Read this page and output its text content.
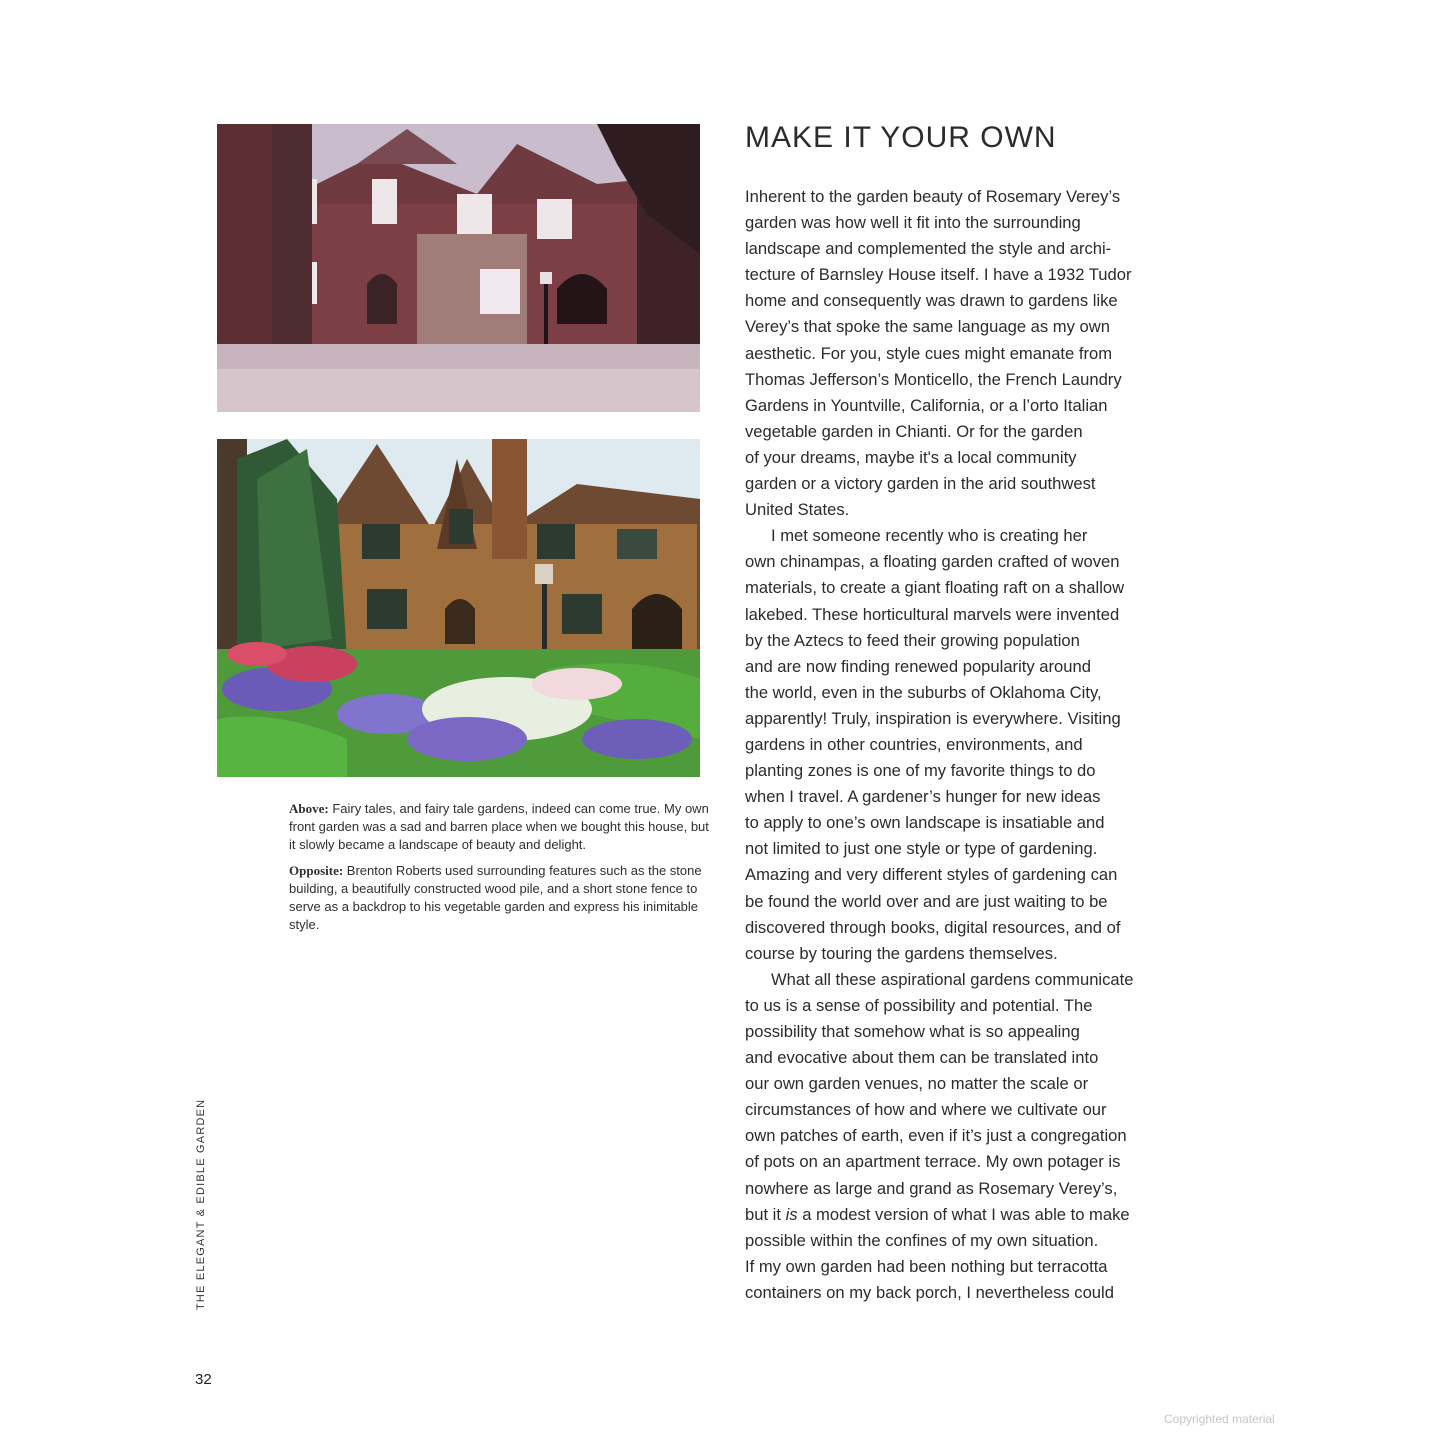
Above: Fairy tales, and fairy tale gardens, indeed can come true. My own front garden was a sad and barren place when we bought this house, but it slowly became a landscape of beauty and delight.

Opposite: Brenton Roberts used surrounding features such as the stone building, a beautifully constructed wood pile, and a short stone fence to serve as a backdrop to his vegetable garden and express his inimitable style.

MAKE IT YOUR OWN
Inherent to the garden beauty of Rosemary Verey’s
garden was how well it fit into the surrounding
landscape and complemented the style and archi-
tecture of Barnsley House itself. I have a 1932 Tudor
home and consequently was drawn to gardens like
Verey’s that spoke the same language as my own
aesthetic. For you, style cues might emanate from
Thomas Jefferson’s Monticello, the French Laundry
Gardens in Yountville, California, or a l’orto Italian
vegetable garden in Chianti. Or for the garden
of your dreams, maybe it's a local community
garden or a victory garden in the arid southwest
United States.
I met someone recently who is creating her
own chinampas, a floating garden crafted of woven
materials, to create a giant floating raft on a shallow
lakebed. These horticultural marvels were invented
by the Aztecs to feed their growing population
and are now finding renewed popularity around
the world, even in the suburbs of Oklahoma City,
apparently! Truly, inspiration is everywhere. Visiting
gardens in other countries, environments, and
planting zones is one of my favorite things to do
when I travel. A gardener’s hunger for new ideas
to apply to one’s own landscape is insatiable and
not limited to just one style or type of gardening.
Amazing and very different styles of gardening can
be found the world over and are just waiting to be
discovered through books, digital resources, and of
course by touring the gardens themselves.
What all these aspirational gardens communicate
to us is a sense of possibility and potential. The
possibility that somehow what is so appealing
and evocative about them can be translated into
our own garden venues, no matter the scale or
circumstances of how and where we cultivate our
own patches of earth, even if it’s just a congregation
of pots on an apartment terrace. My own potager is
nowhere as large and grand as Rosemary Verey’s,
but it is a modest version of what I was able to make
possible within the confines of my own situation.
If my own garden had been nothing but terracotta
containers on my back porch, I nevertheless could
THE ELEGANT & EDIBLE GARDEN
32
Copyrighted material
